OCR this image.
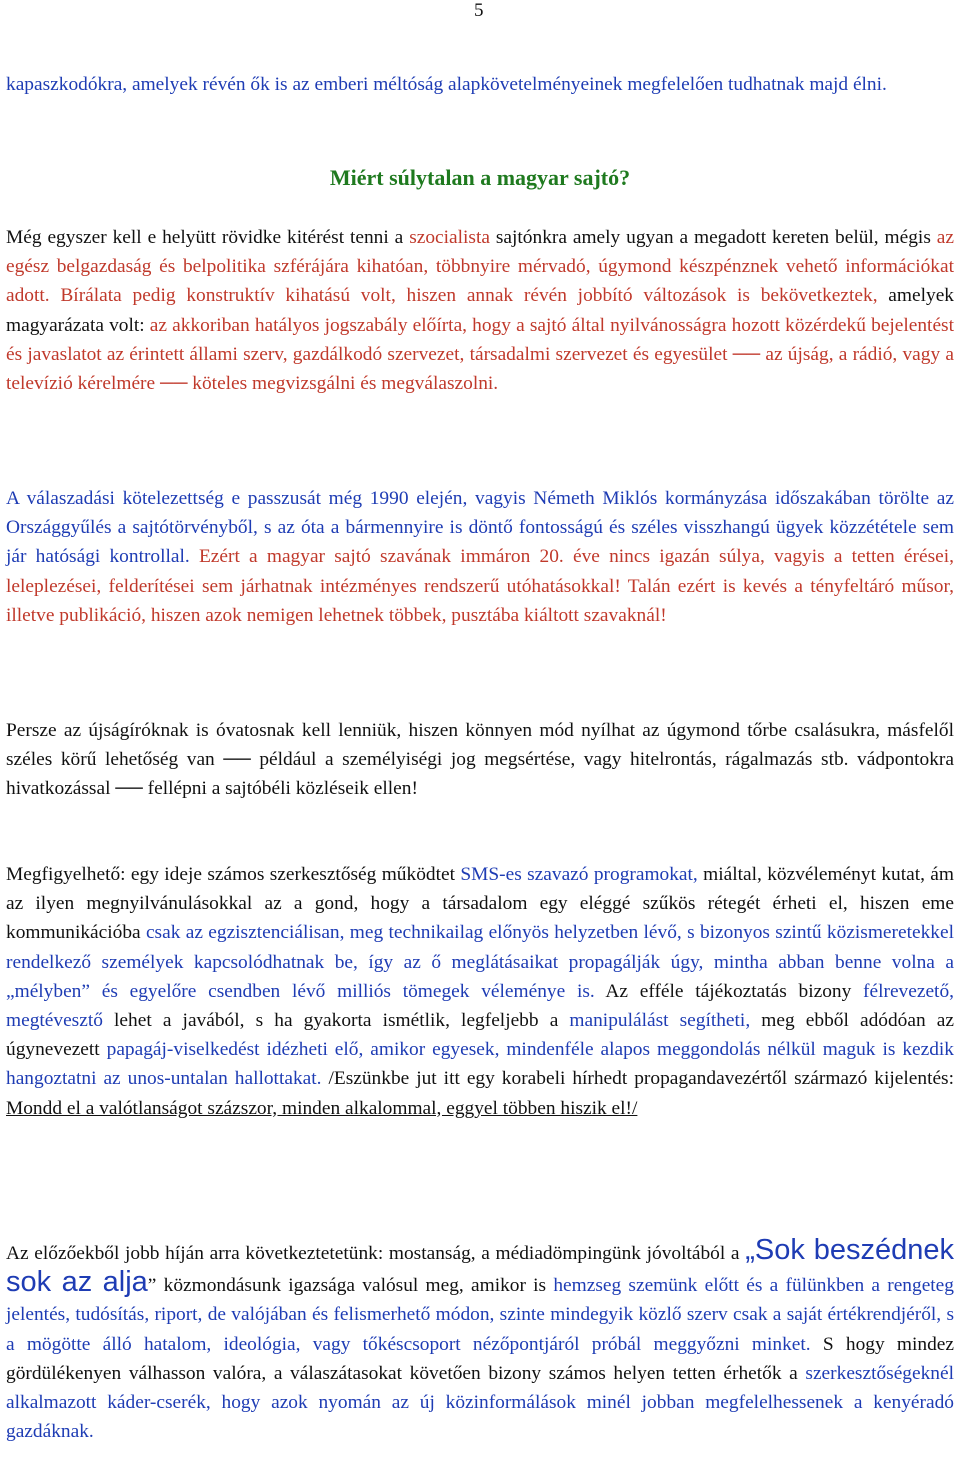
5

kapaszkodókra, amelyek révén ők is az emberi méltóság alapkövetelményeinek megfelelően tudhatnak majd élni.

Miért súlytalan a magyar sajtó?

Még egyszer kell e helyütt rövidke kitérést tenni a szocialista sajtónkra amely ugyan a megadott kereten belül, mégis az egész belgazdaság és belpolitika szférájára kihatóan, többnyire mérvadó, úgymond készpénznek vehető információkat adott. Bírálata pedig konstruktív kihatású volt, hiszen annak révén jobbító változások is bekövetkeztek, amelyek magyarázata volt: az akkoriban hatályos jogszabály előírta, hogy a sajtó által nyilvánosságra hozott közérdekű bejelentést és javaslatot az érintett állami szerv, gazdálkodó szervezet, társadalmi szervezet és egyesület ── az újság, a rádió, vagy a televízió kérelmére ── köteles megvizsgálni és megválaszolni.

A válaszadási kötelezettség e passzusát még 1990 elején, vagyis Németh Miklós kormányzása időszakában törölte az Országgyűlés a sajtótörvényből, s az óta a bármennyire is döntő fontosságú és széles visszhangú ügyek közzététele sem jár hatósági kontrollal. Ezért a magyar sajtó szavának immáron 20. éve nincs igazán súlya, vagyis a tetten érései, leleplezései, felderítései sem járhatnak intézményes rendszerű utóhatásokkal! Talán ezért is kevés a tényfeltáró műsor, illetve publikáció, hiszen azok nemigen lehetnek többek, pusztába kiáltott szavaknál!

Persze az újságíróknak is óvatosnak kell lenniük, hiszen könnyen mód nyílhat az úgymond tőrbe csalásukra, másfelől széles körű lehetőség van ── például a személyiségi jog megsértése, vagy hitelrontás, rágalmazás stb. vádpontokra hivatkozással ── fellépni a sajtóbéli közléseik ellen!

Megfigyelhető: egy ideje számos szerkesztőség működtet SMS-es szavazó programokat, miáltal, közvéleményt kutat, ám az ilyen megnyilvánulásokkal az a gond, hogy a társadalom egy eléggé szűkös rétegét érheti el, hiszen eme kommunikációba csak az egzisztenciálisan, meg technikailag előnyös helyzetben lévő, s bizonyos szintű közismeretekkel rendelkező személyek kapcsolódhatnak be, így az ő meglátásaikat propagálják úgy, mintha abban benne volna a „mélyben” és egyelőre csendben lévő milliós tömegek véleménye is. Az efféle tájékoztatás bizony félrevezető, megtévesztő lehet a javából, s ha gyakorta ismétlik, legfeljebb a manipulálást segítheti, meg ebből adódóan az úgynevezett papagáj-viselkedést idézheti elő, amikor egyesek, mindenféle alapos meggondolás nélkül maguk is kezdik hangoztatni az unos-untalan hallottakat. /Eszünkbe jut itt egy korabeli hírhedt propagandavezértől származó kijelentés: Mondd el a valótlanságot százszor, minden alkalommal, eggyel többen hiszik el!/

Az előzőekből jobb híján arra következtetetünk: mostanság, a médiadömpingünk jóvoltából a „Sok beszédnek sok az alja” közmondásunk igazsága valósul meg, amikor is hemzseg szemünk előtt és a fülünkben a rengeteg jelentés, tudósítás, riport, de valójában és felismerhető módon, szinte mindegyik közlő szerv csak a saját értékrendjéről, s a mögötte álló hatalom, ideológia, vagy tőkéscsoport nézőpontjáról próbál meggyőzni minket. S hogy mindez gördülékenyen válhasson valóra, a válaszátasokat követően bizony számos helyen tetten érhetők a szerkesztőségeknél alkalmazott káder-cserék, hogy azok nyomán az új közinformálások minél jobban megfelelhessenek a kenyéradó gazdáknak.
